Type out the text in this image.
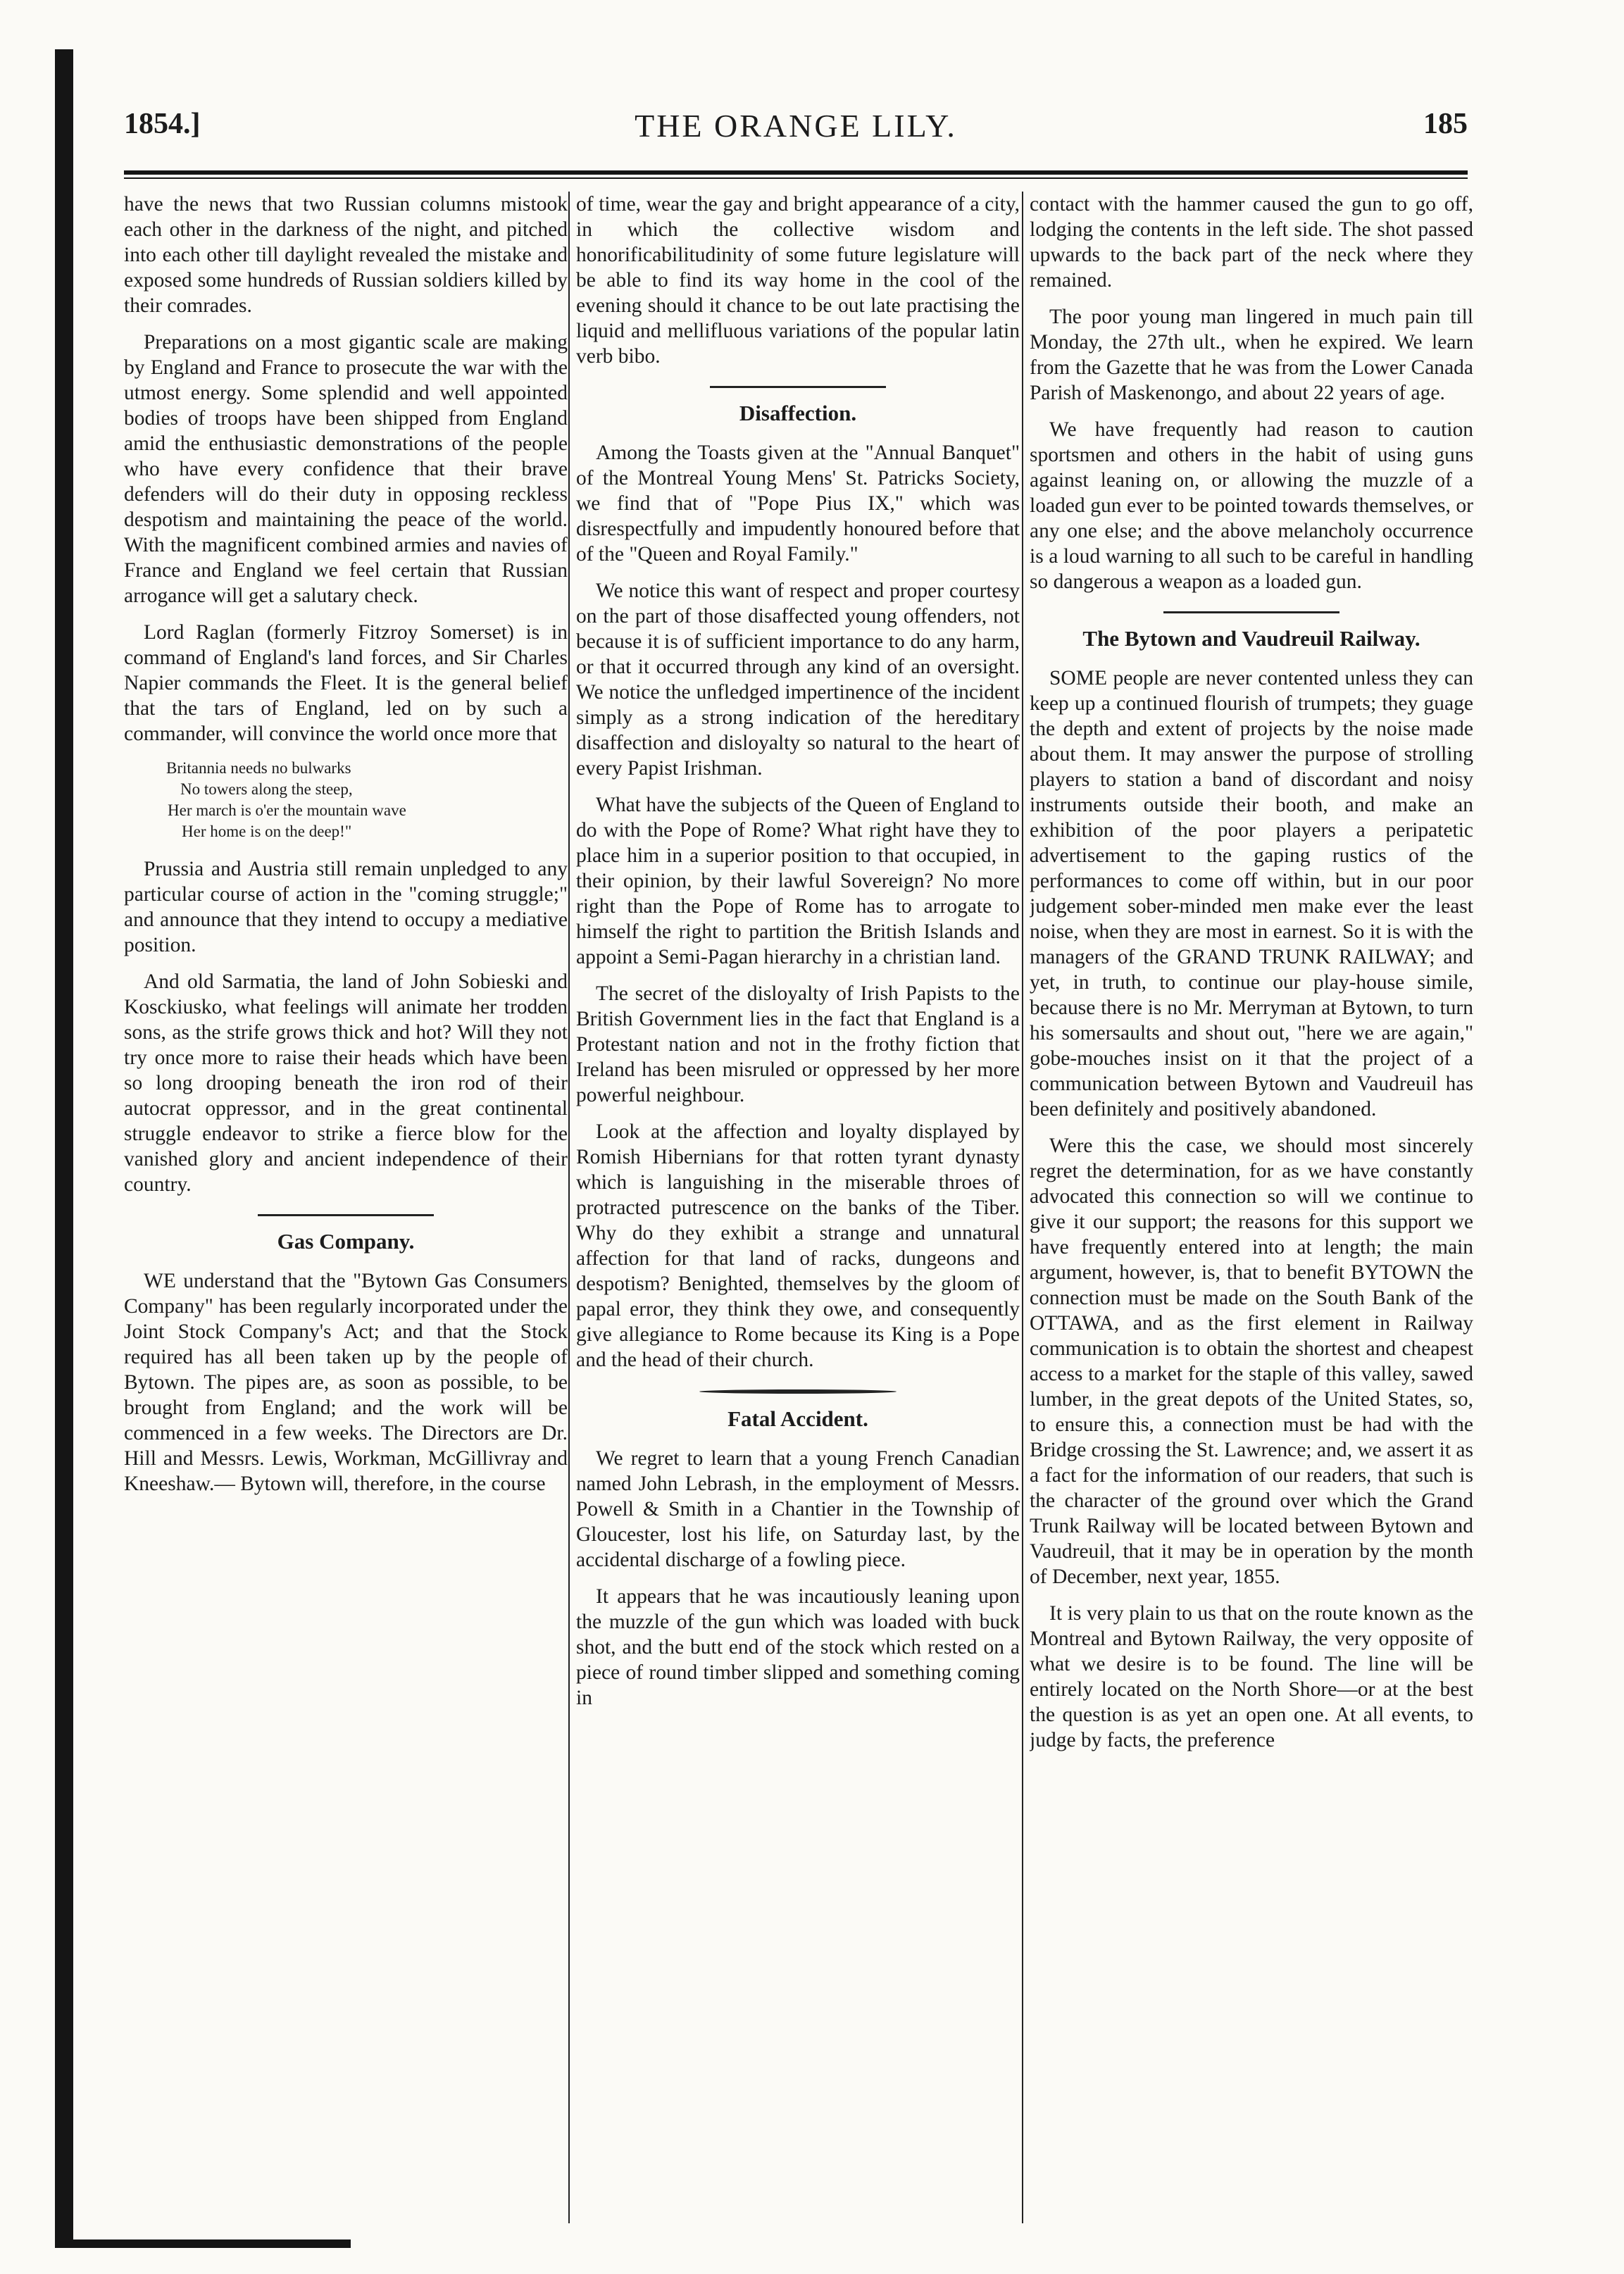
THE ORANGE LILY.
1854.]	185

have the news that two Russian columns mistook each other in the darkness of the night, and pitched into each other till daylight revealed the mistake and exposed some hundreds of Russian soldiers killed by their comrades.

Preparations on a most gigantic scale are making by England and France to prosecute the war with the utmost energy. Some splendid and well appointed bodies of troops have been shipped from England amid the enthusiastic demonstrations of the people who have every confidence that their brave defenders will do their duty in opposing reckless despotism and maintaining the peace of the world. With the magnificent combined armies and navies of France and England we feel certain that Russian arrogance will get a salutary check.

Lord Raglan (formerly Fitzroy Somerset) is in command of England's land forces, and Sir Charles Napier commands the Fleet. It is the general belief that the tars of England, led on by such a commander, will convince the world once more that

Britannia needs no bulwarks
No towers along the steep,
Her march is o'er the mountain wave
Her home is on the deep!"

Prussia and Austria still remain unpledged to any particular course of action in the "coming struggle;" and announce that they intend to occupy a mediative position.

And old Sarmatia, the land of John Sobieski and Kosckiusko, what feelings will animate her trodden sons, as the strife grows thick and hot? Will they not try once more to raise their heads which have been so long drooping beneath the iron rod of their autocrat oppressor, and in the great continental struggle endeavor to strike a fierce blow for the vanished glory and ancient independence of their country.

Gas Company.

WE understand that the "Bytown Gas Consumers Company" has been regularly incorporated under the Joint Stock Company's Act; and that the Stock required has all been taken up by the people of Bytown. The pipes are, as soon as possible, to be brought from England; and the work will be commenced in a few weeks. The Directors are Dr. Hill and Messrs. Lewis, Workman, McGillivray and Kneeshaw.— Bytown will, therefore, in the course

of time, wear the gay and bright appearance of a city, in which the collective wisdom and honorificabilitudinity of some future legislature will be able to find its way home in the cool of the evening should it chance to be out late practising the liquid and mellifluous variations of the popular latin verb bibo.

Disaffection.

Among the Toasts given at the "Annual Banquet" of the Montreal Young Mens' St. Patricks Society, we find that of "Pope Pius IX," which was disrespectfully and impudently honoured before that of the "Queen and Royal Family."

We notice this want of respect and proper courtesy on the part of those disaffected young offenders, not because it is of sufficient importance to do any harm, or that it occurred through any kind of an oversight. We notice the unfledged impertinence of the incident simply as a strong indication of the hereditary disaffection and disloyalty so natural to the heart of every Papist Irishman.

What have the subjects of the Queen of England to do with the Pope of Rome? What right have they to place him in a superior position to that occupied, in their opinion, by their lawful Sovereign? No more right than the Pope of Rome has to arrogate to himself the right to partition the British Islands and appoint a Semi-Pagan hierarchy in a christian land.

The secret of the disloyalty of Irish Papists to the British Government lies in the fact that England is a Protestant nation and not in the frothy fiction that Ireland has been misruled or oppressed by her more powerful neighbour.

Look at the affection and loyalty displayed by Romish Hibernians for that rotten tyrant dynasty which is languishing in the miserable throes of protracted putrescence on the banks of the Tiber. Why do they exhibit a strange and unnatural affection for that land of racks, dungeons and despotism? Benighted, themselves by the gloom of papal error, they think they owe, and consequently give allegiance to Rome because its King is a Pope and the head of their church.

Fatal Accident.

We regret to learn that a young French Canadian named John Lebrash, in the employment of Messrs. Powell & Smith in a Chantier in the Township of Gloucester, lost his life, on Saturday last, by the accidental discharge of a fowling piece.

It appears that he was incautiously leaning upon the muzzle of the gun which was loaded with buck shot, and the butt end of the stock which rested on a piece of round timber slipped and something coming in

contact with the hammer caused the gun to go off, lodging the contents in the left side. The shot passed upwards to the back part of the neck where they remained.

The poor young man lingered in much pain till Monday, the 27th ult., when he expired. We learn from the Gazette that he was from the Lower Canada Parish of Maskenongo, and about 22 years of age.

We have frequently had reason to caution sportsmen and others in the habit of using guns against leaning on, or allowing the muzzle of a loaded gun ever to be pointed towards themselves, or any one else; and the above melancholy occurrence is a loud warning to all such to be careful in handling so dangerous a weapon as a loaded gun.

The Bytown and Vaudreuil Railway.

SOME people are never contented unless they can keep up a continued flourish of trumpets; they guage the depth and extent of projects by the noise made about them. It may answer the purpose of strolling players to station a band of discordant and noisy instruments outside their booth, and make an exhibition of the poor players a peripatetic advertisement to the gaping rustics of the performances to come off within, but in our poor judgement sober-minded men make ever the least noise, when they are most in earnest. So it is with the managers of the GRAND TRUNK RAILWAY; and yet, in truth, to continue our play-house simile, because there is no Mr. Merryman at Bytown, to turn his somersaults and shout out, "here we are again," gobe-mouches insist on it that the project of a communication between Bytown and Vaudreuil has been definitely and positively abandoned.

Were this the case, we should most sincerely regret the determination, for as we have constantly advocated this connection so will we continue to give it our support; the reasons for this support we have frequently entered into at length; the main argument, however, is, that to benefit BYTOWN the connection must be made on the South Bank of the OTTAWA, and as the first element in Railway communication is to obtain the shortest and cheapest access to a market for the staple of this valley, sawed lumber, in the great depots of the United States, so, to ensure this, a connection must be had with the Bridge crossing the St. Lawrence; and, we assert it as a fact for the information of our readers, that such is the character of the ground over which the Grand Trunk Railway will be located between Bytown and Vaudreuil, that it may be in operation by the month of December, next year, 1855.

It is very plain to us that on the route known as the Montreal and Bytown Railway, the very opposite of what we desire is to be found. The line will be entirely located on the North Shore—or at the best the question is as yet an open one. At all events, to judge by facts, the preference
